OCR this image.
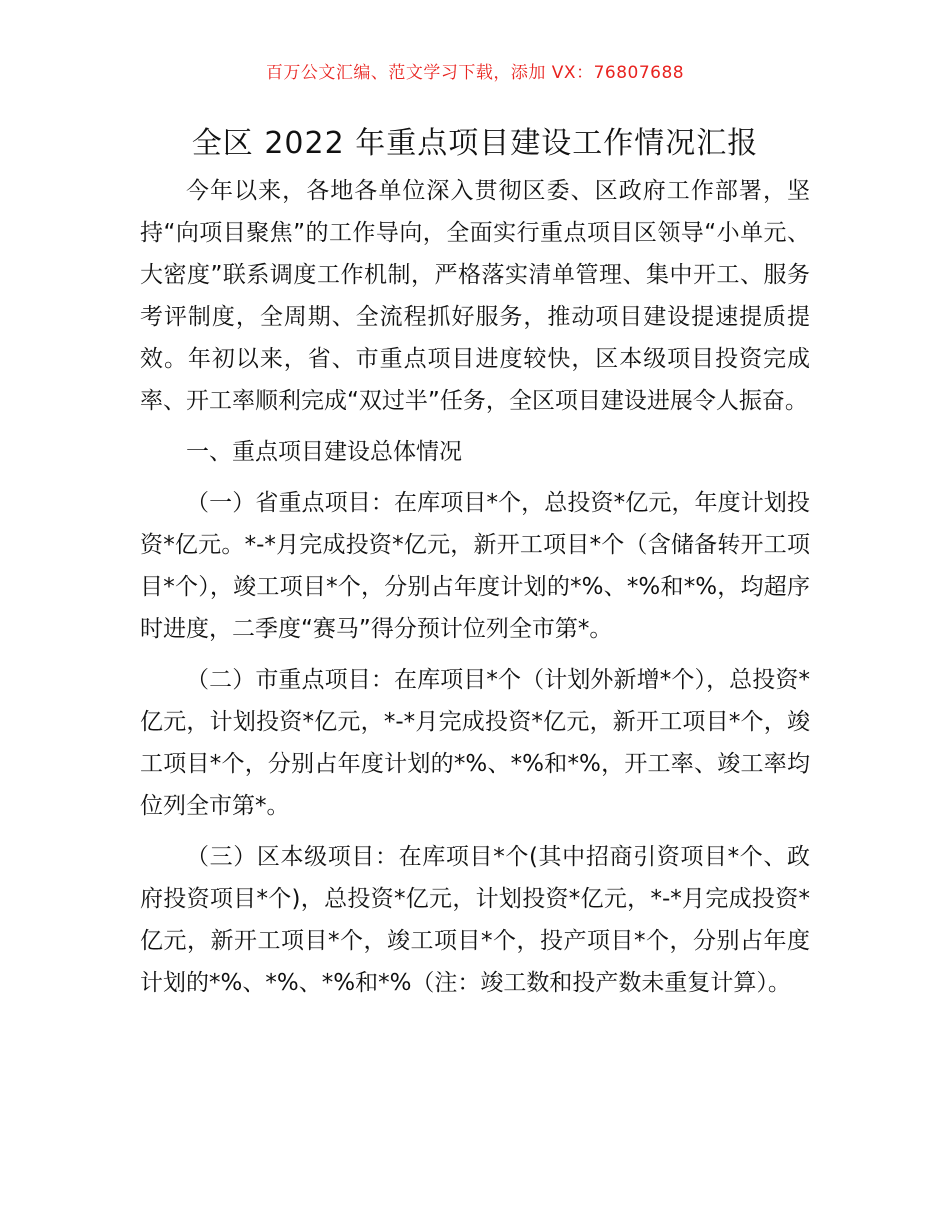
百万公文汇编、范文学习下载，添加 VX：76807688
全区 2022 年重点项目建设工作情况汇报

今年以来，各地各单位深入贯彻区委、区政府工作部署，坚持“向项目聚焦”的工作导向，全面实行重点项目区领导“小单元、大密度”联系调度工作机制，严格落实清单管理、集中开工、服务考评制度，全周期、全流程抓好服务，推动项目建设提速提质提效。年初以来，省、市重点项目进度较快，区本级项目投资完成率、开工率顺利完成“双过半”任务，全区项目建设进展令人振奋。

一、重点项目建设总体情况

（一）省重点项目：在库项目*个，总投资*亿元，年度计划投资*亿元。*-*月完成投资*亿元，新开工项目*个（含储备转开工项目*个），竣工项目*个，分别占年度计划的*%、*%和*%，均超序时进度，二季度“赛马”得分预计位列全市第*。

（二）市重点项目：在库项目*个（计划外新增*个），总投资*亿元，计划投资*亿元，*-*月完成投资*亿元，新开工项目*个，竣工项目*个，分别占年度计划的*%、*%和*%，开工率、竣工率均位列全市第*。

（三）区本级项目：在库项目*个(其中招商引资项目*个、政府投资项目*个)，总投资*亿元，计划投资*亿元，*-*月完成投资*亿元，新开工项目*个，竣工项目*个，投产项目*个，分别占年度计划的*%、*%、*%和*%（注：竣工数和投产数未重复计算）。
